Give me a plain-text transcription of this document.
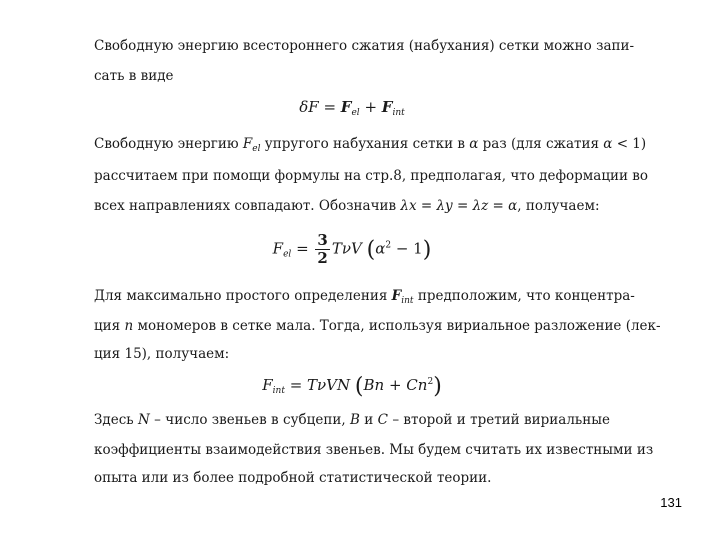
Свободную энергию всестороннего сжатия (набухания) сетки можно запи-

сать в виде

$\delta F = F_{el} + F_{int}$

Свободную энергию $F_{el}$ упругого набухания сетки в α раз (для сжатия α < 1)

рассчитаем при помощи формулы на стр.8, предполагая, что деформации во

всех направлениях совпадают. Обозначив λx = λy = λz = α, получаем:

$F_{el} = \frac{3}{2}$ TνV $(\alpha^2 - 1)$

Для максимально простого определения $F_{int}$ предположим, что концентра-

ция n мономеров в сетке мала. Тогда, используя вириальное разложение (лек-

ция 15), получаем:

$F_{int} = T\nu VN$ $(Bn + Cn^2)$

Здесь N – число звеньев в субцепи, B и C – второй и третий вириальные

коэффициенты взаимодействия звеньев. Мы будем считать их известными из

опыта или из более подробной статистической теории.

131
